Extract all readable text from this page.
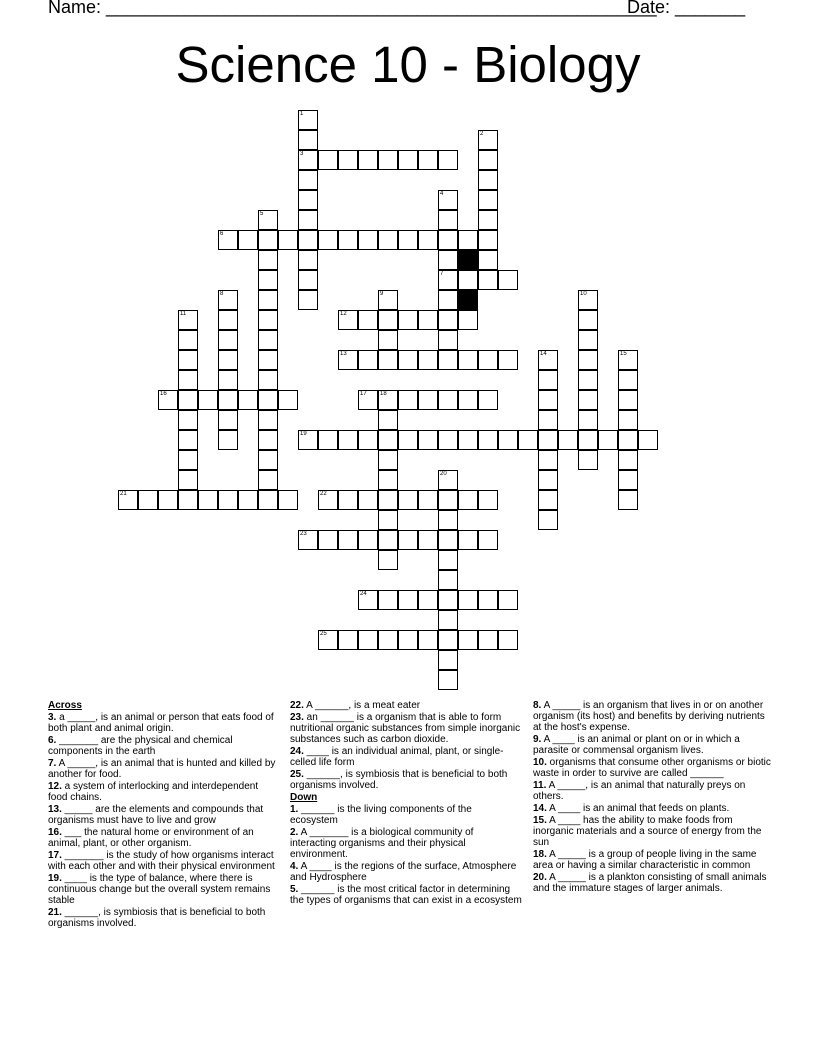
Name: _______________________________________________________
Date: _______
Science 10 - Biology
1
3
2
4
7
5
6
8	9	10
11	12
13	14	15
16	17 18
19
20
21	22
23
24
25
Across
3. a _____, is an animal or person that eats food of both plant and animal origin.
6. _______ are the physical and chemical components in the earth
7. A _____, is an animal that is hunted and killed by another for food.
12. a system of interlocking and interdependent food chains.
13. _____ are the elements and compounds that organisms must have to live and grow
16. ___ the natural home or environment of an animal, plant, or other organism.
17. _______ is the study of how organisms interact with each other and with their physical environment
19. ____ is the type of balance, where there is continuous change but the overall system remains stable
21. ______, is symbiosis that is beneficial to both organisms involved.
22. A ______, is a meat eater
23. an ______ is a organism that is able to form nutritional organic substances from simple inorganic substances such as carbon dioxide.
24. ____ is an individual animal, plant, or single-celled life form
25. ______, is symbiosis that is beneficial to both organisms involved.
Down
1. ______ is the living components of the ecosystem
2. A _______ is a biological community of interacting organisms and their physical environment.
4. A ____ is the regions of the surface, Atmosphere and Hydrosphere
5. ______ is the most critical factor in determining the types of organisms that can exist in a ecosystem
8. A _____ is an organism that lives in or on another organism (its host) and benefits by deriving nutrients at the host's expense.
9. A ____ is an animal or plant on or in which a parasite or commensal organism lives.
10. organisms that consume other organisms or biotic waste in order to survive are called ______
11. A _____, is an animal that naturally preys on others.
14. A ____ is an animal that feeds on plants.
15. A ____ has the ability to make foods from inorganic materials and a source of energy from the sun
18. A _____ is a group of people living in the same area or having a similar characteristic in common
20. A _____ is a plankton consisting of small animals and the immature stages of larger animals.
